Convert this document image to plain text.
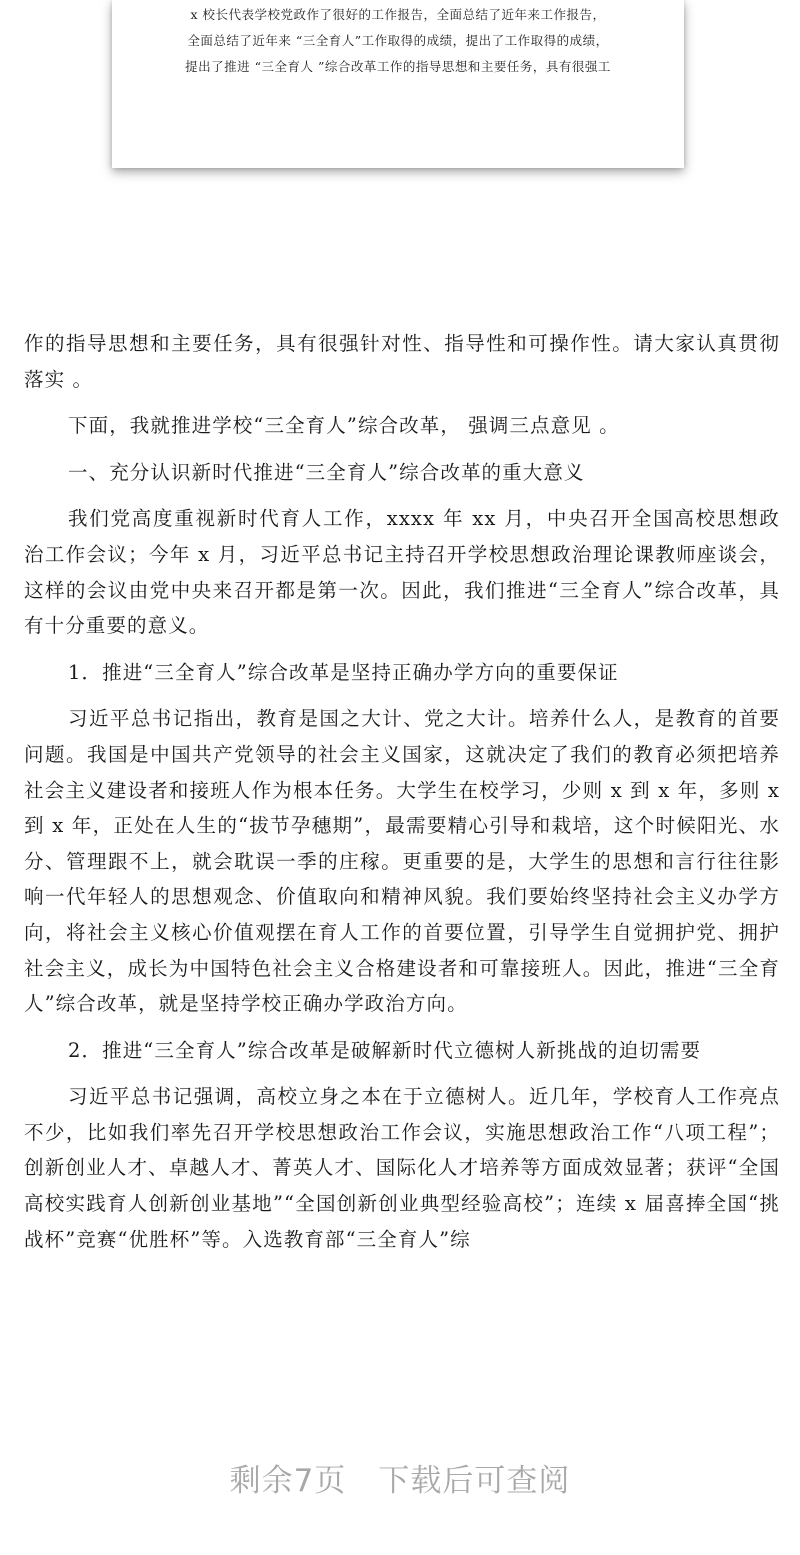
x 校长代表学校党政作了很好的工作报告，全面总结了近年来工作报告，
全面总结了近年来 “三全育人”工作取得的成绩，提出了工作取得的成绩，
提出了推进 “三全育人 ”综合改革工作的指导思想和主要任务，具有很强工

作的指导思想和主要任务，具有很强针对性、指导性和可操作性。请大家认真贯彻落实 。

下面，我就推进学校“三全育人”综合改革， 强调三点意见 。

一、充分认识新时代推进“三全育人”综合改革的重大意义

我们党高度重视新时代育人工作，xxxx 年 xx 月，中央召开全国高校思想政治工作会议；今年 x 月，习近平总书记主持召开学校思想政治理论课教师座谈会，这样的会议由党中央来召开都是第一次。因此，我们推进“三全育人”综合改革，具有十分重要的意义。

1．推进“三全育人”综合改革是坚持正确办学方向的重要保证

习近平总书记指出，教育是国之大计、党之大计。培养什么人，是教育的首要问题。我国是中国共产党领导的社会主义国家，这就决定了我们的教育必须把培养社会主义建设者和接班人作为根本任务。大学生在校学习，少则 x 到 x 年，多则 x 到 x 年，正处在人生的“拔节孕穗期”，最需要精心引导和栽培，这个时候阳光、水分、管理跟不上，就会耽误一季的庄稼。更重要的是，大学生的思想和言行往往影响一代年轻人的思想观念、价值取向和精神风貌。我们要始终坚持社会主义办学方向，将社会主义核心价值观摆在育人工作的首要位置，引导学生自觉拥护党、拥护社会主义，成长为中国特色社会主义合格建设者和可靠接班人。因此，推进“三全育人”综合改革，就是坚持学校正确办学政治方向。

2．推进“三全育人”综合改革是破解新时代立德树人新挑战的迫切需要

习近平总书记强调，高校立身之本在于立德树人。近几年，学校育人工作亮点不少，比如我们率先召开学校思想政治工作会议，实施思想政治工作“八项工程”；创新创业人才、卓越人才、菁英人才、国际化人才培养等方面成效显著；获评“全国高校实践育人创新创业基地”“全国创新创业典型经验高校”；连续 x 届喜捧全国“挑战杯”竞赛“优胜杯”等。入选教育部“三全育人”综

剩余7页 下载后可查阅
